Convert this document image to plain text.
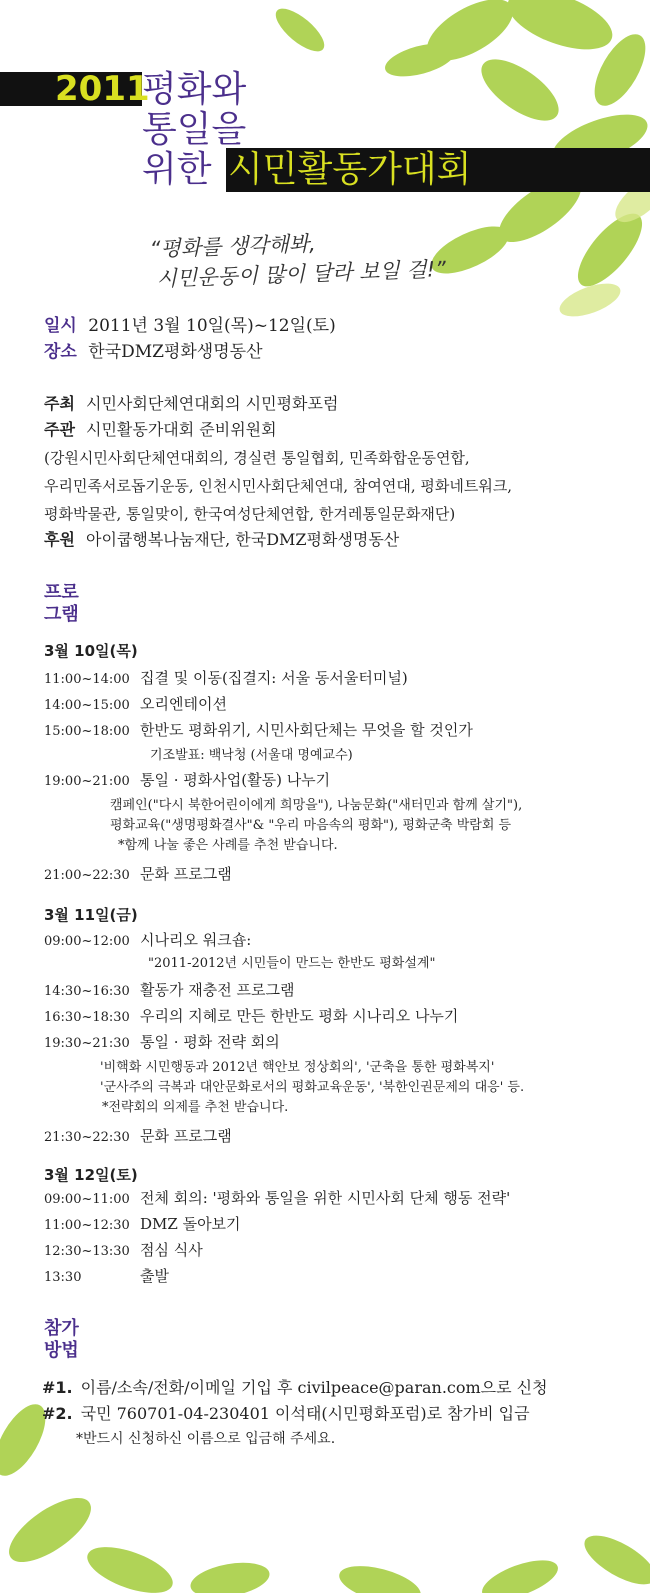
2011
평화와
통일을
위한 시민활동가대회
“평화를 생각해봐,
시민운동이 많이 달라 보일 걸!”
일시 2011년 3월 10일(목)~12일(토)
장소 한국DMZ평화생명동산
주최 시민사회단체연대회의 시민평화포럼
주관 시민활동가대회 준비위원회
(강원시민사회단체연대회의, 경실련 통일협회, 민족화합운동연합,
우리민족서로돕기운동, 인천시민사회단체연대, 참여연대, 평화네트워크,
평화박물관, 통일맞이, 한국여성단체연합, 한겨레통일문화재단)
후원 아이쿱행복나눔재단, 한국DMZ평화생명동산
프로
그램
3월 10일(목)
11:00~14:00 집결 및 이동(집결지: 서울 동서울터미널)
14:00~15:00 오리엔테이션
15:00~18:00 한반도 평화위기, 시민사회단체는 무엇을 할 것인가
기조발표: 백낙청 (서울대 명예교수)
19:00~21:00 통일 · 평화사업(활동) 나누기
캠페인("다시 북한어린이에게 희망을"), 나눔문화("새터민과 함께 살기"),
평화교육("생명평화결사"& "우리 마음속의 평화"), 평화군축 박람회 등
*함께 나눌 좋은 사례를 추천 받습니다.
21:00~22:30 문화 프로그램
3월 11일(금)
09:00~12:00 시나리오 워크숍:
"2011-2012년 시민들이 만드는 한반도 평화설계"
14:30~16:30 활동가 재충전 프로그램
16:30~18:30 우리의 지혜로 만든 한반도 평화 시나리오 나누기
19:30~21:30 통일 · 평화 전략 회의
'비핵화 시민행동과 2012년 핵안보 정상회의', '군축을 통한 평화복지'
'군사주의 극복과 대안문화로서의 평화교육운동', '북한인권문제의 대응' 등.
*전략회의 의제를 추천 받습니다.
21:30~22:30 문화 프로그램
3월 12일(토)
09:00~11:00 전체 회의: '평화와 통일을 위한 시민사회 단체 행동 전략'
11:00~12:30 DMZ 돌아보기
12:30~13:30 점심 식사
13:30	출발
참가
방법
#1. 이름/소속/전화/이메일 기입 후 civilpeace@paran.com으로 신청
#2. 국민 760701-04-230401 이석태(시민평화포럼)로 참가비 입금
*반드시 신청하신 이름으로 입금해 주세요.
